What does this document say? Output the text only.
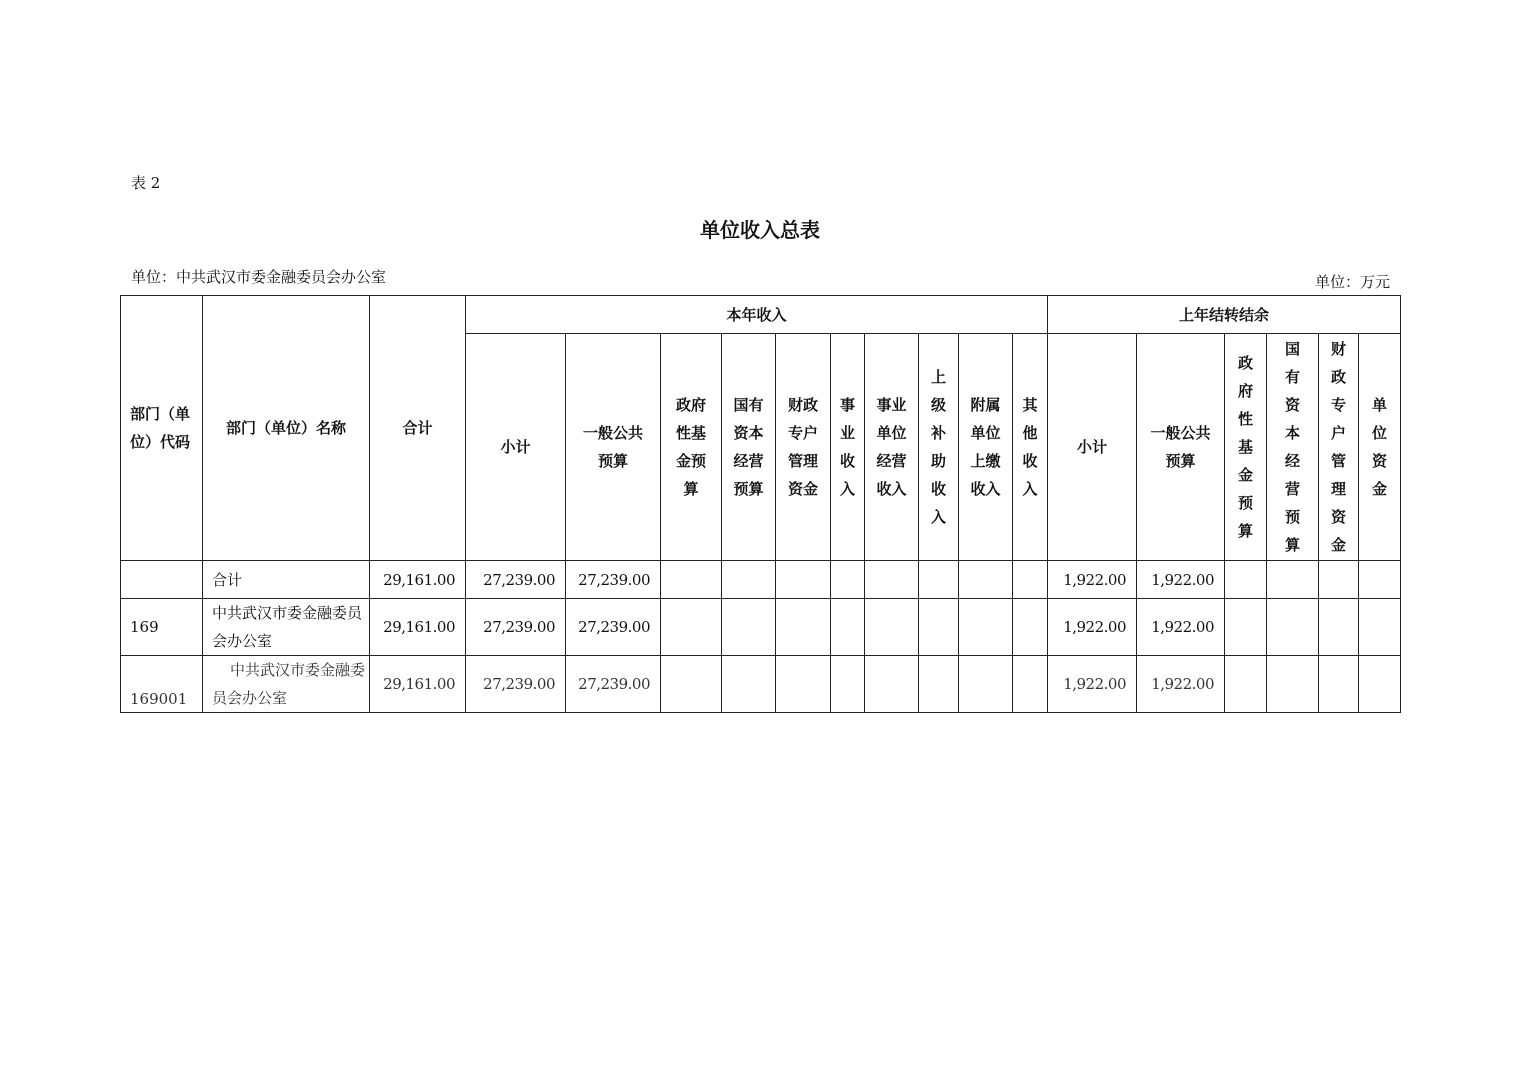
表 2
单位收入总表
单位：中共武汉市委金融委员会办公室	单位：万元
部门（单位）代码	部门（单位）名称	合计	本年收入										上年结转结余					
			小计	一般公共预算	政府性基金预算	国有资本经营预算	财政专户管理资金	事业收入	事业单位经营收入	上级补助收入	附属单位上缴收入	其他收入	小计	一般公共预算	政府性基金预算	国有资本经营预算	财政专户管理资金	单位资金
	合计	29,161.00	27,239.00	27,239.00									1,922.00	1,922.00				
169	中共武汉市委金融委员会办公室	29,161.00	27,239.00	27,239.00									1,922.00	1,922.00				
169001	中共武汉市委金融委员会办公室	29,161.00	27,239.00	27,239.00									1,922.00	1,922.00				
